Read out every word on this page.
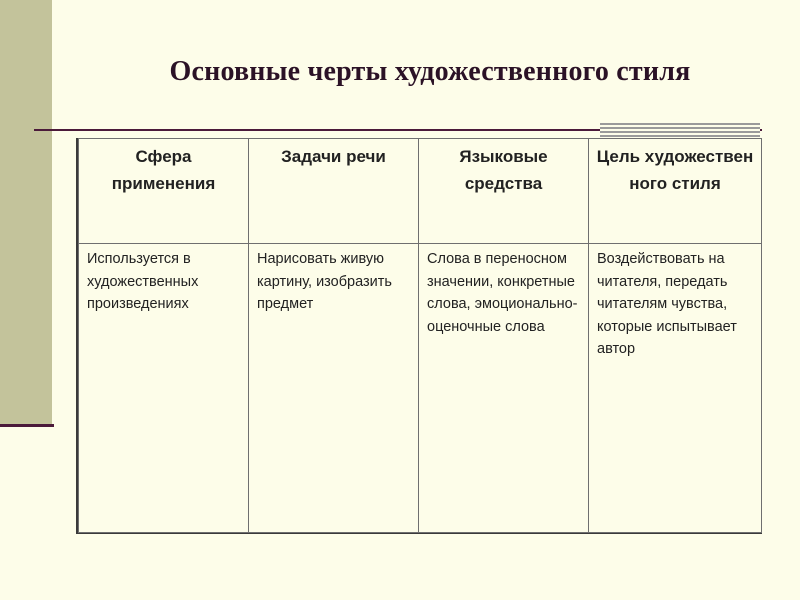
Основные черты художественного стиля
Сфера применения	Задачи речи	Языковые средства	Цель художествен ного стиля
Используется в художественных произведениях	Нарисовать живую картину, изобразить предмет	Слова в переносном значении, конкретные слова, эмоционально-оценочные слова	Воздействовать на читателя, передать читателям чувства, которые испытывает автор
